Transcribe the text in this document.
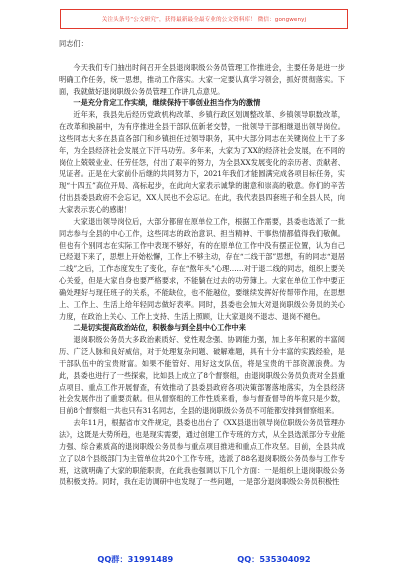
关注头条号“公文研究”，获得最新最全最专业的公文资料库！ 微信：gongwenyj

同志们：

今天我们专门抽出时间召开全县退岗职级公务员管理工作推进会，主要任务是进一步明确工作任务，统一思想，推动工作落实。大家一定要认真学习领会，抓好贯彻落实。下面，我就做好退岗职级公务员管理工作讲几点意见。

一是充分肯定工作实绩，继续保持干事创业担当作为的激情

近年来，我县先后经历党政机构改革、乡镇行政区划调整改革、乡镇领导职数改革，在改革和换届中，为有序推进全县干部队伍新老交替，一批领导干部相继退出领导岗位。这些同志大多在县直各部门和乡镇担任过领导职务，其中大部分同志在关键岗位上干了多年，为全县经济社会发展立下汗马功劳。多年来，大家为了XX的经济社会发展，在不同的岗位上兢兢业业、任劳任怨，付出了艰辛的努力，为全县XX发展变化的亲历者、贡献者、见证者。正是在大家前仆后继的共同努力下，2021年我们才能圆满完成各项目标任务，实现“十四五”高位开局、高标起步，在此向大家表示诚挚的谢意和崇高的敬意。你们的辛苦付出县委县政府不会忘记，XX人民也不会忘记。在此，我代表县四套班子和全县人民，向大家表示衷心的感谢！

大家退出领导岗位后，大部分都留在原单位工作，根据工作需要，县委也选派了一批同志参与全县的中心工作，这些同志的政治意识、担当精神、干事热情都值得我们敬佩。但也有个别同志在实际工作中表现不够好，有的在原单位工作中没有摆正位置，认为自己已经退下来了，思想上开始松懈，工作上不够主动，存在“二线干部”思想，有的同志“退居二线”之后，工作态度发生了变化，存在“熬年头”心理……对于退二线的同志，组织上要关心关爱，但是大家自身也要严格要求，不能躺在过去的功劳簿上。大家在单位工作中要正确处理好与现任班子的关系，不能缺位，也不能越位，要继续发挥好传帮带作用，在思想上、工作上、生活上给年轻同志做好表率。同时，县委也会加大对退岗职级公务员的关心力度，在政治上关心、工作上支持、生活上照顾，让大家退岗不退志、退岗不褪色。

二是切实提高政治站位，积极参与到全县中心工作中来

退岗职级公务员大多政治素质好、党性观念强、协调能力强，加上多年积累的丰富阅历、广泛人脉和良好威信，对于处理复杂问题、破解难题，具有十分丰富的实践经验，是干部队伍中的宝贵财富。如果不能管好、用好这支队伍，将是宝贵的干部资源浪费。为此，县委也进行了一些探索，比如县上成立了8个督察组，由退岗职级公务员负责对全县重点项目、重点工作开展督查，有效推动了县委县政府各项决策部署落地落实，为全县经济社会发展作出了重要贡献。但从督察组的工作性质来看，参与督查督导的毕竟只是少数，目前8个督察组一共也只有31名同志，全县的退岗职级公务员不可能都安排到督察组来。

去年11月，根据省市文件规定，县委也出台了《XX县退出领导岗位职级公务员管理办法》，这既是大势所趋，也是现实需要，通过创建工作专班的方式，从全县选派部分专业能力强、综合素质高的退岗职级公务员参与重点项目推进和重点工作攻坚。目前，全县共成立了以8个县级部门为主管单位共20个工作专班，选派了88名退岗职级公务员参与工作专班，这就明确了大家的职能职责，在此我也强调以下几个方面：一是组织上退岗职级公务员积极支持。同时，我在走访调研中也发现了一些问题，一是部分退岗职级公务员积极性

QQ群：31991489	QQ：535304092
